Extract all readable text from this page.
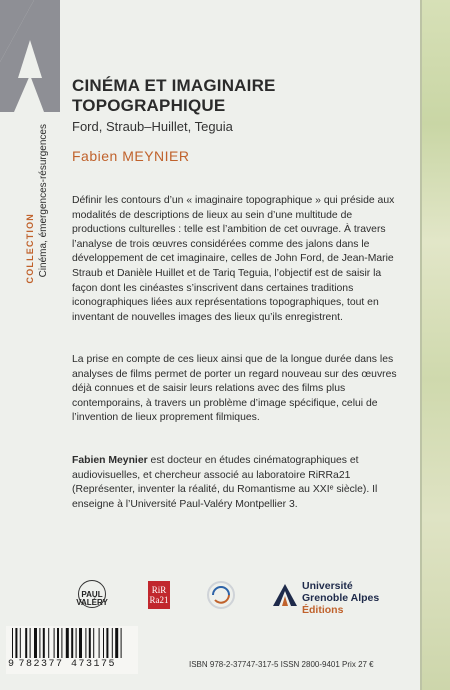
COLLECTION Cinéma, émergences-résurgences
CINÉMA ET IMAGINAIRE
TOPOGRAPHIQUE
Ford, Straub–Huillet, Teguia
Fabien MEYNIER

Définir les contours d’un « imaginaire topographique » qui préside aux modalités de descriptions de lieux au sein d’une multitude de productions culturelles : telle est l’ambition de cet ouvrage. À travers l’analyse de trois œuvres considérées comme des jalons dans le développement de cet imaginaire, celles de John Ford, de Jean-Marie Straub et Danièle Huillet et de Tariq Teguia, l’objectif est de saisir la façon dont les cinéastes s’inscrivent dans certaines traditions iconographiques liées aux représentations topographiques, tout en inventant de nouvelles images des lieux qu’ils enregistrent.

La prise en compte de ces lieux ainsi que de la longue durée dans les analyses de films permet de porter un regard nouveau sur des œuvres déjà connues et de saisir leurs relations avec des films plus contemporains, à travers un problème d’image spécifique, celui de l’invention de lieux proprement filmiques.

Fabien Meynier est docteur en études cinématographiques et audiovisuelles, et chercheur associé au laboratoire RiRRa21 (Représenter, inventer la réalité, du Romantisme au XXIᵉ siècle). Il enseigne à l’Université Paul-Valéry Montpellier 3.

PAUL
VALÉRY
RiR
Ra21
Université
Grenoble Alpes
Éditions
9 782377 473175	ISBN 978-2-37747-317-5 ISSN 2800-9401 Prix 27 €
